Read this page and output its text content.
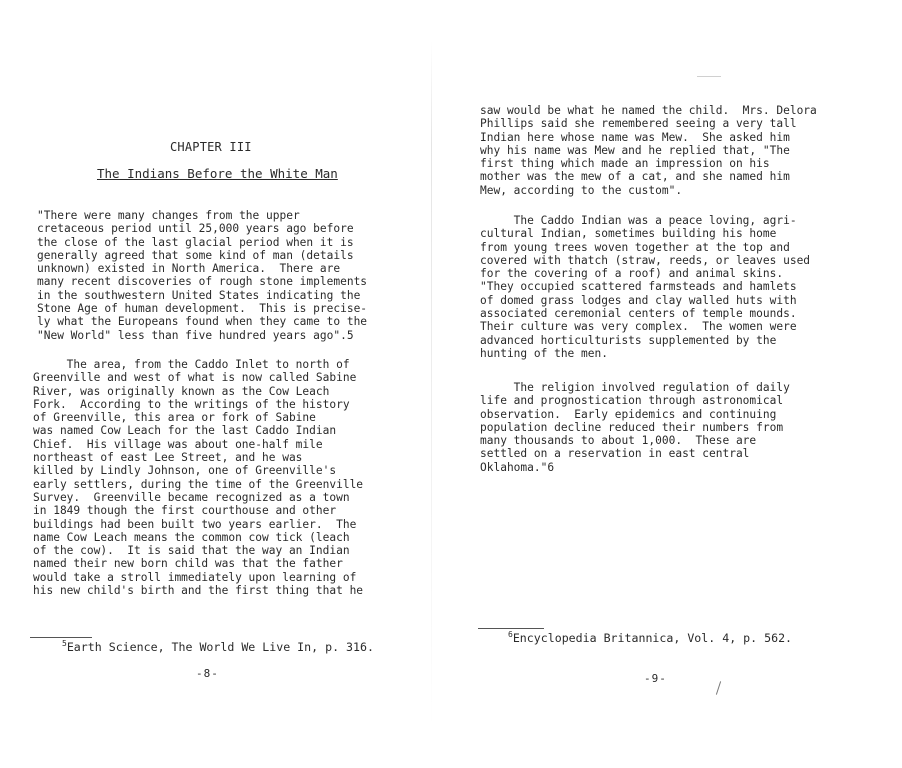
CHAPTER III
The Indians Before the White Man
"There were many changes from the upper
cretaceous period until 25,000 years ago before
the close of the last glacial period when it is
generally agreed that some kind of man (details
unknown) existed in North America.  There are
many recent discoveries of rough stone implements
in the southwestern United States indicating the
Stone Age of human development.  This is precise-
ly what the Europeans found when they came to the
"New World" less than five hundred years ago".5
The area, from the Caddo Inlet to north of
Greenville and west of what is now called Sabine
River, was originally known as the Cow Leach
Fork.  According to the writings of the history
of Greenville, this area or fork of Sabine
was named Cow Leach for the last Caddo Indian
Chief.  His village was about one-half mile
northeast of east Lee Street, and he was
killed by Lindly Johnson, one of Greenville's
early settlers, during the time of the Greenville
Survey.  Greenville became recognized as a town
in 1849 though the first courthouse and other
buildings had been built two years earlier.  The
name Cow Leach means the common cow tick (leach
of the cow).  It is said that the way an Indian
named their new born child was that the father
would take a stroll immediately upon learning of
his new child's birth and the first thing that he
$^5$Earth Science, The World We Live In, p. 316.
-8-
saw would be what he named the child.  Mrs. Delora
Phillips said she remembered seeing a very tall
Indian here whose name was Mew.  She asked him
why his name was Mew and he replied that, "The
first thing which made an impression on his
mother was the mew of a cat, and she named him
Mew, according to the custom".
The Caddo Indian was a peace loving, agri-
cultural Indian, sometimes building his home
from young trees woven together at the top and
covered with thatch (straw, reeds, or leaves used
for the covering of a roof) and animal skins.
"They occupied scattered farmsteads and hamlets
of domed grass lodges and clay walled huts with
associated ceremonial centers of temple mounds.
Their culture was very complex.  The women were
advanced horticulturists supplemented by the
hunting of the men.
The religion involved regulation of daily
life and prognostication through astronomical
observation.  Early epidemics and continuing
population decline reduced their numbers from
many thousands to about 1,000.  These are
settled on a reservation in east central
Oklahoma."6
$^6$Encyclopedia Britannica, Vol. 4, p. 562.
-9-
